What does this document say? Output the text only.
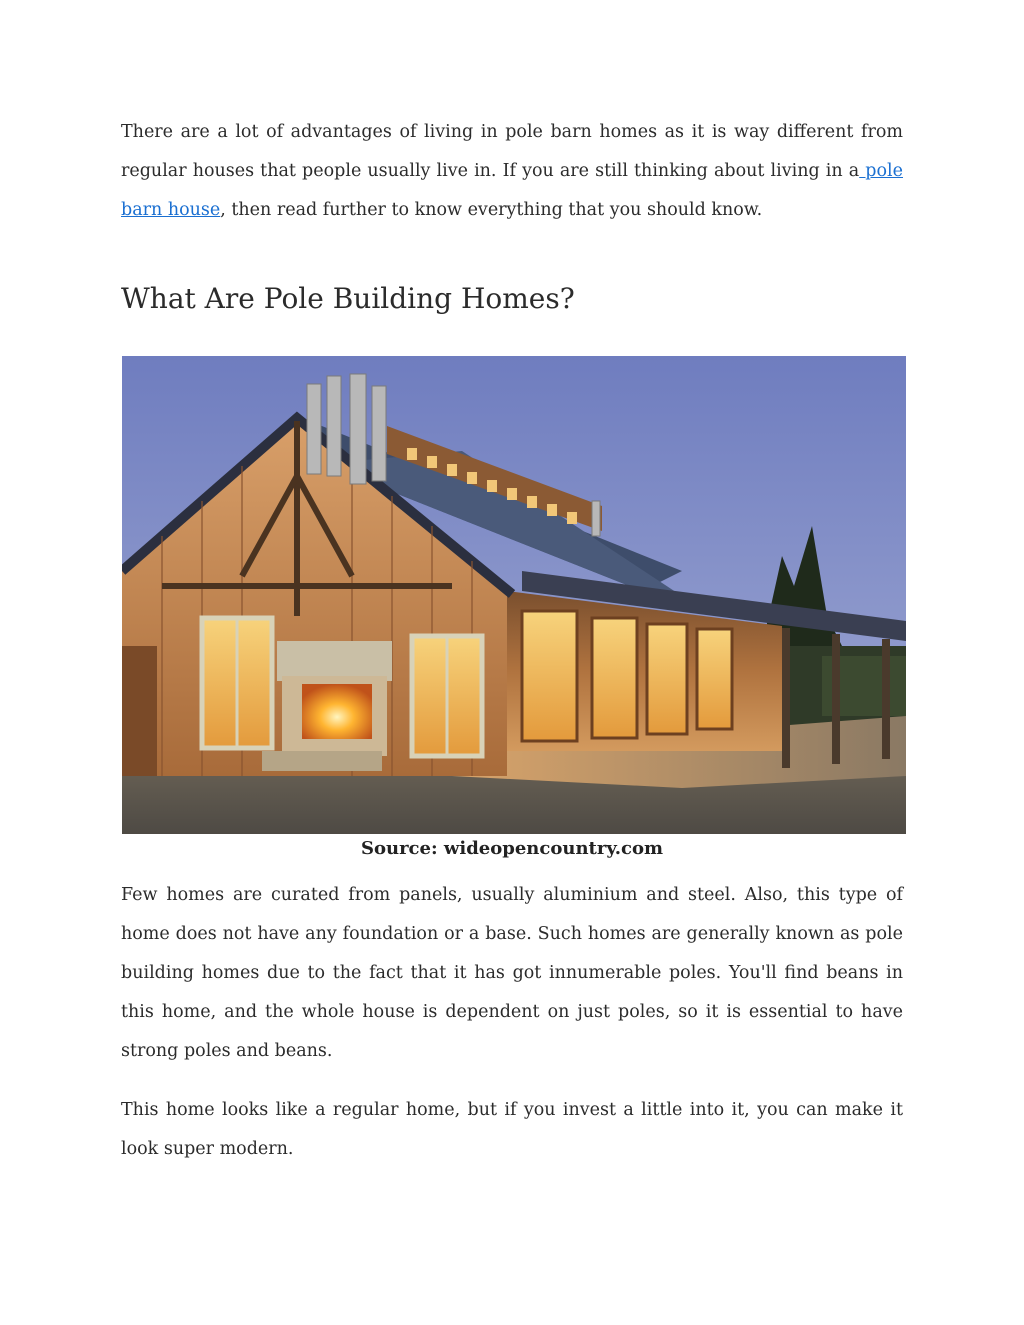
There are a lot of advantages of living in pole barn homes as it is way different from regular houses that people usually live in. If you are still thinking about living in a pole barn house, then read further to know everything that you should know.

What Are Pole Building Homes?

Source: wideopencountry.com

Few homes are curated from panels, usually aluminium and steel. Also, this type of home does not have any foundation or a base. Such homes are generally known as pole building homes due to the fact that it has got innumerable poles. You'll find beans in this home, and the whole house is dependent on just poles, so it is essential to have strong poles and beans.

This home looks like a regular home, but if you invest a little into it, you can make it look super modern.
